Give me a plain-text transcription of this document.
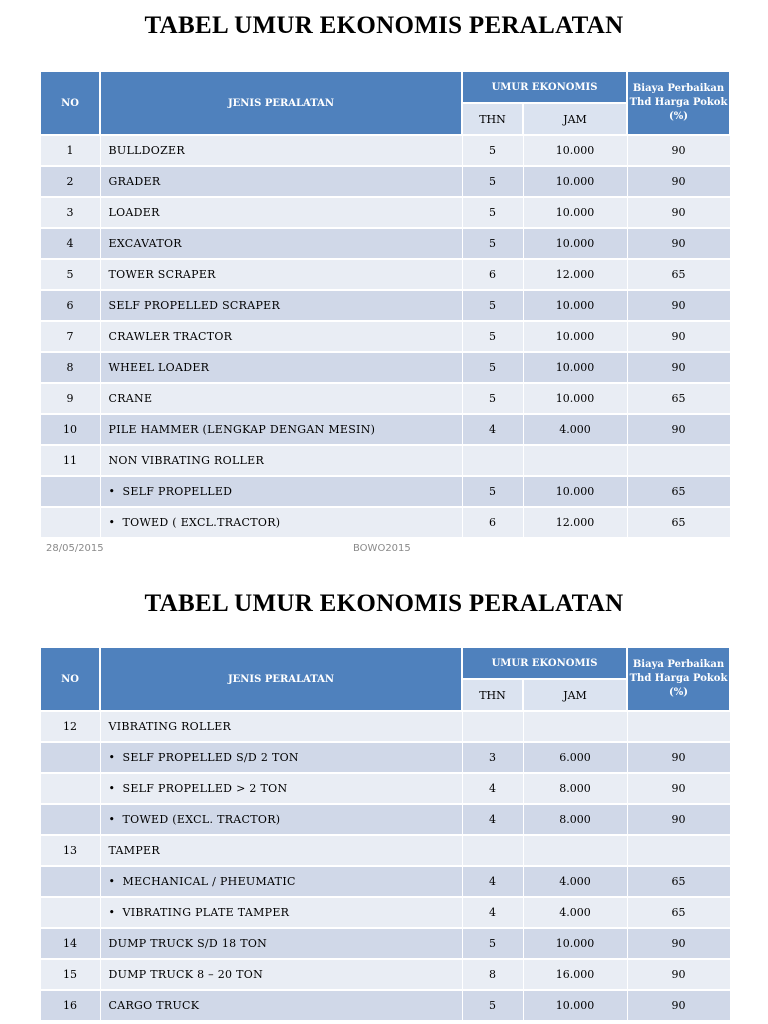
TABEL UMUR EKONOMIS PERALATAN
NO	JENIS PERALATAN	UMUR EKONOMIS		Biaya Perbaikan Thd Harga Pokok (%)
		THN	JAM	
1	BULLDOZER	5	10.000	90
2	GRADER	5	10.000	90
3	LOADER	5	10.000	90
4	EXCAVATOR	5	10.000	90
5	TOWER SCRAPER	6	12.000	65
6	SELF PROPELLED SCRAPER	5	10.000	90
7	CRAWLER TRACTOR	5	10.000	90
8	WHEEL LOADER	5	10.000	90
9	CRANE	5	10.000	65
10	PILE HAMMER (LENGKAP DENGAN MESIN)	4	4.000	90
11	NON VIBRATING ROLLER			
	• SELF PROPELLED	5	10.000	65
	• TOWED ( EXCL.TRACTOR)	6	12.000	65
28/05/2015	BOWO2015
TABEL UMUR EKONOMIS PERALATAN
NO	JENIS PERALATAN	UMUR EKONOMIS		Biaya Perbaikan Thd Harga Pokok (%)
		THN	JAM	
12	VIBRATING ROLLER			
	• SELF PROPELLED S/D 2 TON	3	6.000	90
	• SELF PROPELLED > 2 TON	4	8.000	90
	• TOWED (EXCL. TRACTOR)	4	8.000	90
13	TAMPER			
	• MECHANICAL / PHEUMATIC	4	4.000	65
	• VIBRATING PLATE TAMPER	4	4.000	65
14	DUMP TRUCK S/D 18 TON	5	10.000	90
15	DUMP TRUCK 8 – 20 TON	8	16.000	90
16	CARGO TRUCK	5	10.000	90
